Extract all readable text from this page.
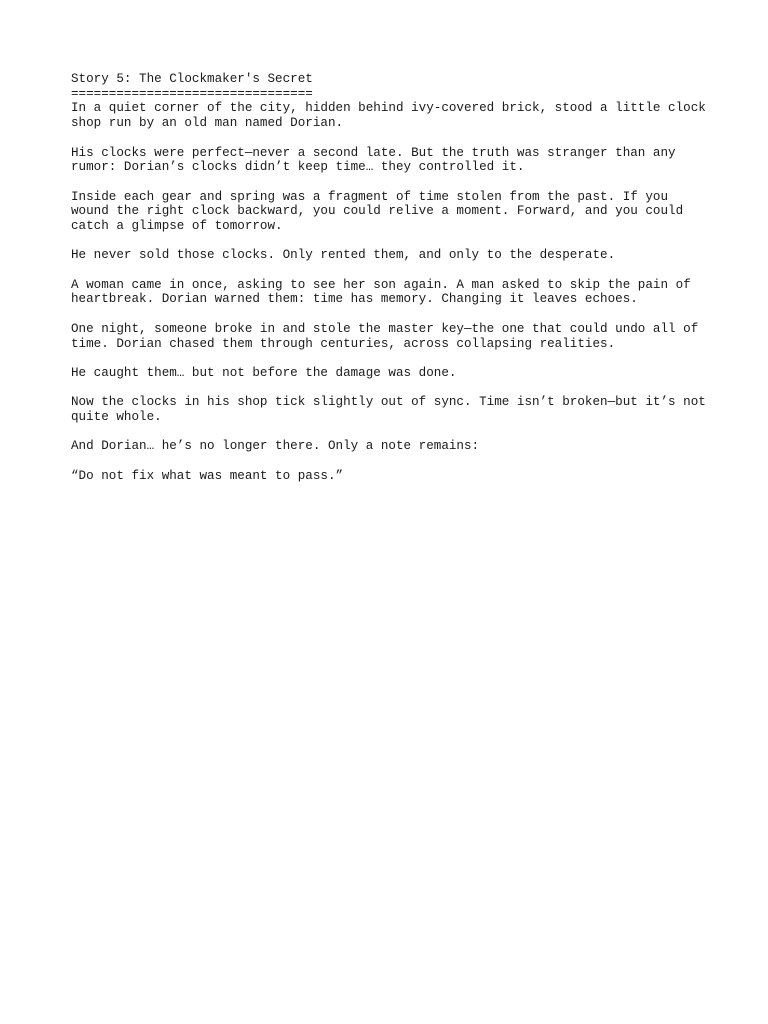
Story 5: The Clockmaker's Secret
================================

In a quiet corner of the city, hidden behind ivy-covered brick, stood a little clock shop run by an old man named Dorian.

His clocks were perfect—never a second late. But the truth was stranger than any rumor: Dorian’s clocks didn’t keep time… they controlled it.

Inside each gear and spring was a fragment of time stolen from the past. If you wound the right clock backward, you could relive a moment. Forward, and you could catch a glimpse of tomorrow.

He never sold those clocks. Only rented them, and only to the desperate.

A woman came in once, asking to see her son again. A man asked to skip the pain of heartbreak. Dorian warned them: time has memory. Changing it leaves echoes.

One night, someone broke in and stole the master key—the one that could undo all of time. Dorian chased them through centuries, across collapsing realities.

He caught them… but not before the damage was done.

Now the clocks in his shop tick slightly out of sync. Time isn’t broken—but it’s not quite whole.

And Dorian… he’s no longer there. Only a note remains:

“Do not fix what was meant to pass.”
